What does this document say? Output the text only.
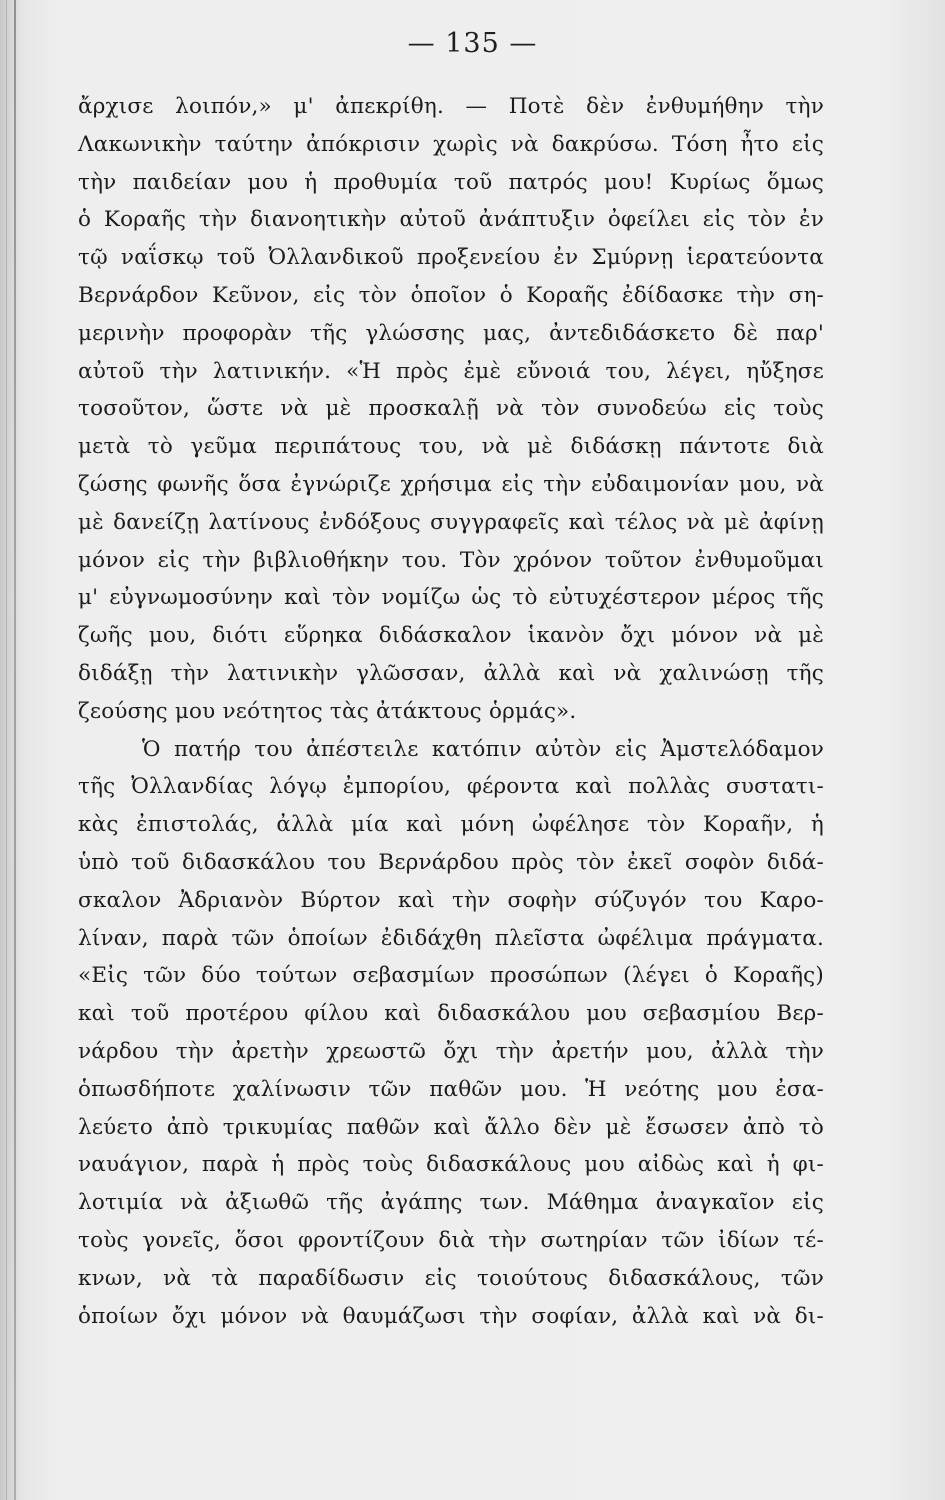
— 135 —
ἄρχισε λοιπόν,» μ' ἀπεκρίθη. — Ποτὲ δὲν ἐνθυμήθην τὴν
Λακωνικὴν ταύτην ἀπόκρισιν χωρὶς νὰ δακρύσω. Τόση ἦτο εἰς
τὴν παιδείαν μου ἡ προθυμία τοῦ πατρός μου! Κυρίως ὅμως
ὁ Κοραῆς τὴν διανοητικὴν αὐτοῦ ἀνάπτυξιν ὀφείλει εἰς τὸν ἐν
τῷ ναΐσκῳ τοῦ Ὀλλανδικοῦ προξενείου ἐν Σμύρνῃ ἱερατεύοντα
Βερνάρδον Κεῦνον, εἰς τὸν ὁποῖον ὁ Κοραῆς ἐδίδασκε τὴν ση-
μερινὴν προφορὰν τῆς γλώσσης μας, ἀντεδιδάσκετο δὲ παρ'
αὐτοῦ τὴν λατινικήν. «Ἡ πρὸς ἐμὲ εὔνοιά του, λέγει, ηὔξησε
τοσοῦτον, ὥστε νὰ μὲ προσκαλῇ νὰ τὸν συνοδεύω εἰς τοὺς
μετὰ τὸ γεῦμα περιπάτους του, νὰ μὲ διδάσκῃ πάντοτε διὰ
ζώσης φωνῆς ὅσα ἐγνώριζε χρήσιμα εἰς τὴν εὐδαιμονίαν μου, νὰ
μὲ δανείζῃ λατίνους ἐνδόξους συγγραφεῖς καὶ τέλος νὰ μὲ ἀφίνῃ
μόνον εἰς τὴν βιβλιοθήκην του. Τὸν χρόνον τοῦτον ἐνθυμοῦμαι
μ' εὐγνωμοσύνην καὶ τὸν νομίζω ὡς τὸ εὐτυχέστερον μέρος τῆς
ζωῆς μου, διότι εὕρηκα διδάσκαλον ἱκανὸν ὄχι μόνον νὰ μὲ
διδάξῃ τὴν λατινικὴν γλῶσσαν, ἀλλὰ καὶ νὰ χαλινώσῃ τῆς
ζεούσης μου νεότητος τὰς ἀτάκτους ὁρμάς».
Ὁ πατήρ του ἀπέστειλε κατόπιν αὐτὸν εἰς Ἀμστελόδαμον
τῆς Ὀλλανδίας λόγῳ ἐμπορίου, φέροντα καὶ πολλὰς συστατι-
κὰς ἐπιστολάς, ἀλλὰ μία καὶ μόνη ὠφέλησε τὸν Κοραῆν, ἡ
ὑπὸ τοῦ διδασκάλου του Βερνάρδου πρὸς τὸν ἐκεῖ σοφὸν διδά-
σκαλον Ἀδριανὸν Βύρτον καὶ τὴν σοφὴν σύζυγόν του Καρο-
λίναν, παρὰ τῶν ὁποίων ἐδιδάχθη πλεῖστα ὠφέλιμα πράγματα.
«Εἰς τῶν δύο τούτων σεβασμίων προσώπων (λέγει ὁ Κοραῆς)
καὶ τοῦ προτέρου φίλου καὶ διδασκάλου μου σεβασμίου Βερ-
νάρδου τὴν ἀρετὴν χρεωστῶ ὄχι τὴν ἀρετήν μου, ἀλλὰ τὴν
ὁπωσδήποτε χαλίνωσιν τῶν παθῶν μου. Ἡ νεότης μου ἐσα-
λεύετο ἀπὸ τρικυμίας παθῶν καὶ ἄλλο δὲν μὲ ἔσωσεν ἀπὸ τὸ
ναυάγιον, παρὰ ἡ πρὸς τοὺς διδασκάλους μου αἰδὼς καὶ ἡ φι-
λοτιμία νὰ ἀξιωθῶ τῆς ἀγάπης των. Μάθημα ἀναγκαῖον εἰς
τοὺς γονεῖς, ὅσοι φροντίζουν διὰ τὴν σωτηρίαν τῶν ἰδίων τέ-
κνων, νὰ τὰ παραδίδωσιν εἰς τοιούτους διδασκάλους, τῶν
ὁποίων ὄχι μόνον νὰ θαυμάζωσι τὴν σοφίαν, ἀλλὰ καὶ νὰ δι-
